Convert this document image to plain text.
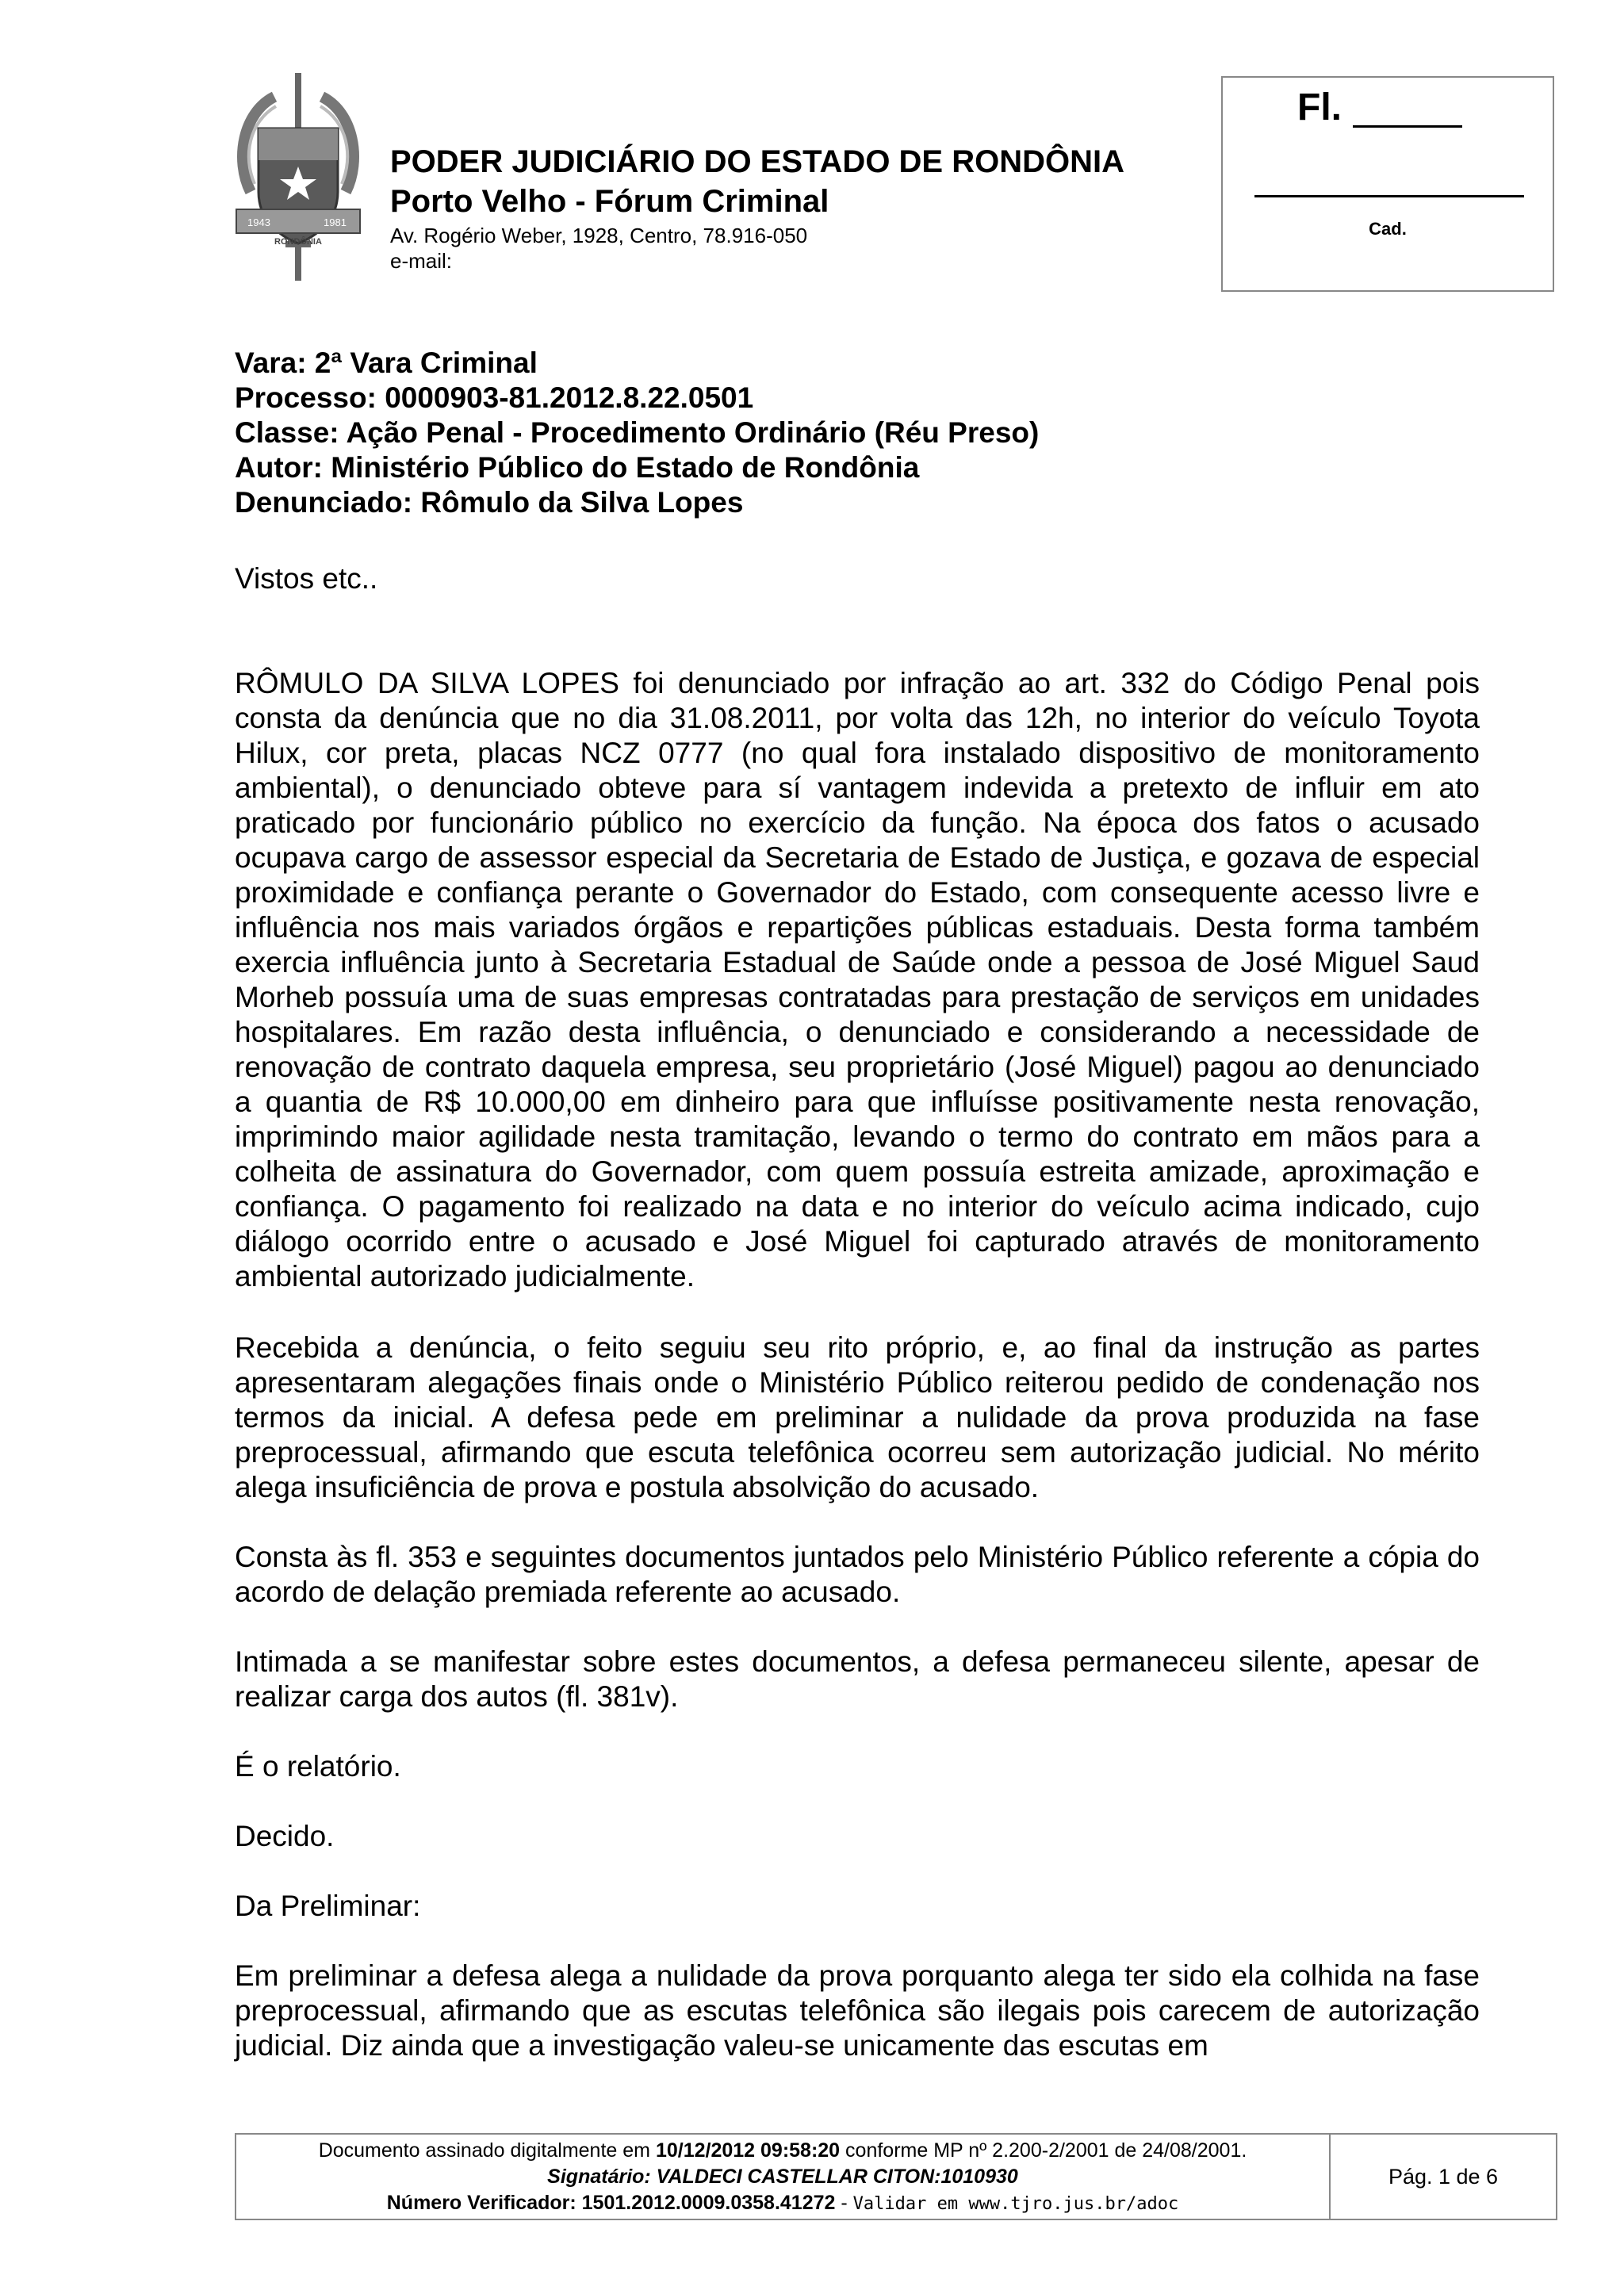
1943	1981
RONDÔNIA
PODER JUDICIÁRIO DO ESTADO DE RONDÔNIA
Porto Velho - Fórum Criminal
Av. Rogério Weber, 1928, Centro, 78.916-050
e-mail:
Fl.
Cad.
Vara: 2ª Vara Criminal
Processo: 0000903-81.2012.8.22.0501
Classe: Ação Penal - Procedimento Ordinário (Réu Preso)
Autor: Ministério Público do Estado de Rondônia
Denunciado: Rômulo da Silva Lopes
Vistos etc..
RÔMULO DA SILVA LOPES foi denunciado por infração ao art. 332 do Código Penal pois consta da denúncia que no dia 31.08.2011, por volta das 12h, no interior do veículo Toyota Hilux, cor preta, placas NCZ 0777 (no qual fora instalado dispositivo de monitoramento ambiental), o denunciado obteve para sí vantagem indevida a pretexto de influir em ato praticado por funcionário público no exercício da função. Na época dos fatos o acusado ocupava cargo de assessor especial da Secretaria de Estado de Justiça, e gozava de especial proximidade e confiança perante o Governador do Estado, com consequente acesso livre e influência nos mais variados órgãos e repartições públicas estaduais. Desta forma também exercia influência junto à Secretaria Estadual de Saúde onde a pessoa de José Miguel Saud Morheb possuía uma de suas empresas contratadas para prestação de serviços em unidades hospitalares. Em razão desta influência, o denunciado e considerando a necessidade de renovação de contrato daquela empresa, seu proprietário (José Miguel) pagou ao denunciado a quantia de R$ 10.000,00 em dinheiro para que influísse positivamente nesta renovação, imprimindo maior agilidade nesta tramitação, levando o termo do contrato em mãos para a colheita de assinatura do Governador, com quem possuía estreita amizade, aproximação e confiança. O pagamento foi realizado na data e no interior do veículo acima indicado, cujo diálogo ocorrido entre o acusado e José Miguel foi capturado através de monitoramento ambiental autorizado judicialmente.
Recebida a denúncia, o feito seguiu seu rito próprio, e, ao final da instrução as partes apresentaram alegações finais onde o Ministério Público reiterou pedido de condenação nos termos da inicial. A defesa pede em preliminar a nulidade da prova produzida na fase preprocessual, afirmando que escuta telefônica ocorreu sem autorização judicial. No mérito alega insuficiência de prova e postula absolvição do acusado.
Consta às fl. 353 e seguintes documentos juntados pelo Ministério Público referente a cópia do acordo de delação premiada referente ao acusado.
Intimada a se manifestar sobre estes documentos, a defesa permaneceu silente, apesar de realizar carga dos autos (fl. 381v).
É o relatório.
Decido.
Da Preliminar:
Em preliminar a defesa alega a nulidade da prova porquanto alega ter sido ela colhida na fase preprocessual, afirmando que as escutas telefônica são ilegais pois carecem de autorização judicial. Diz ainda que a investigação valeu-se unicamente das escutas em
Documento assinado digitalmente em 10/12/2012 09:58:20 conforme MP nº 2.200-2/2001 de 24/08/2001.
Signatário: VALDECI CASTELLAR CITON:1010930
Número Verificador: 1501.2012.0009.0358.41272 - Validar em www.tjro.jus.br/adoc
Pág. 1 de 6
